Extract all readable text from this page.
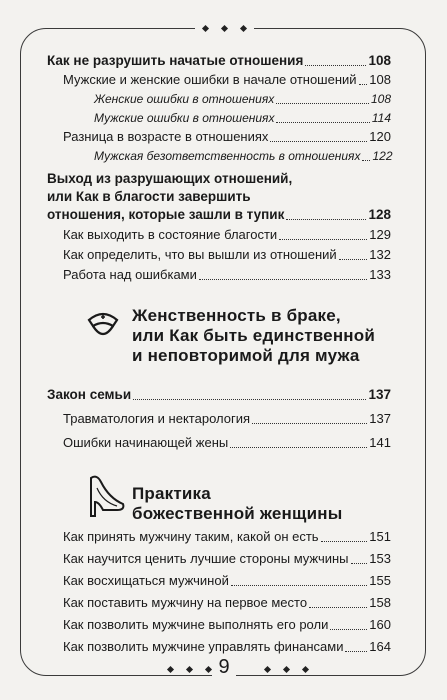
Как не разрушить начатые отношения	108
Мужские и женские ошибки в начале отношений 108
Женские ошибки в отношениях	108
Мужские ошибки в отношениях	114
Разница в возрасте в отношениях	120
Мужская безответственность в отношениях 122
Выход из разрушающих отношений,
или Как в благости завершить
отношения, которые зашли в тупик	128
Как выходить в состояние благости	129
Как определить, что вы вышли из отношений	132
Работа над ошибками	133
Женственность в браке,
или Как быть единственной
и неповторимой для мужа
Закон семьи	137
Травматология и нектарология	137
Ошибки начинающей жены	141
Практика
божественной женщины
Как принять мужчину таким, какой он есть	151
Как научится ценить лучшие стороны мужчины 153
Как восхищаться мужчиной	155
Как поставить мужчину на первое место	158
Как позволить мужчине выполнять его роли	160
Как позволить мужчине управлять финансами 164
9
